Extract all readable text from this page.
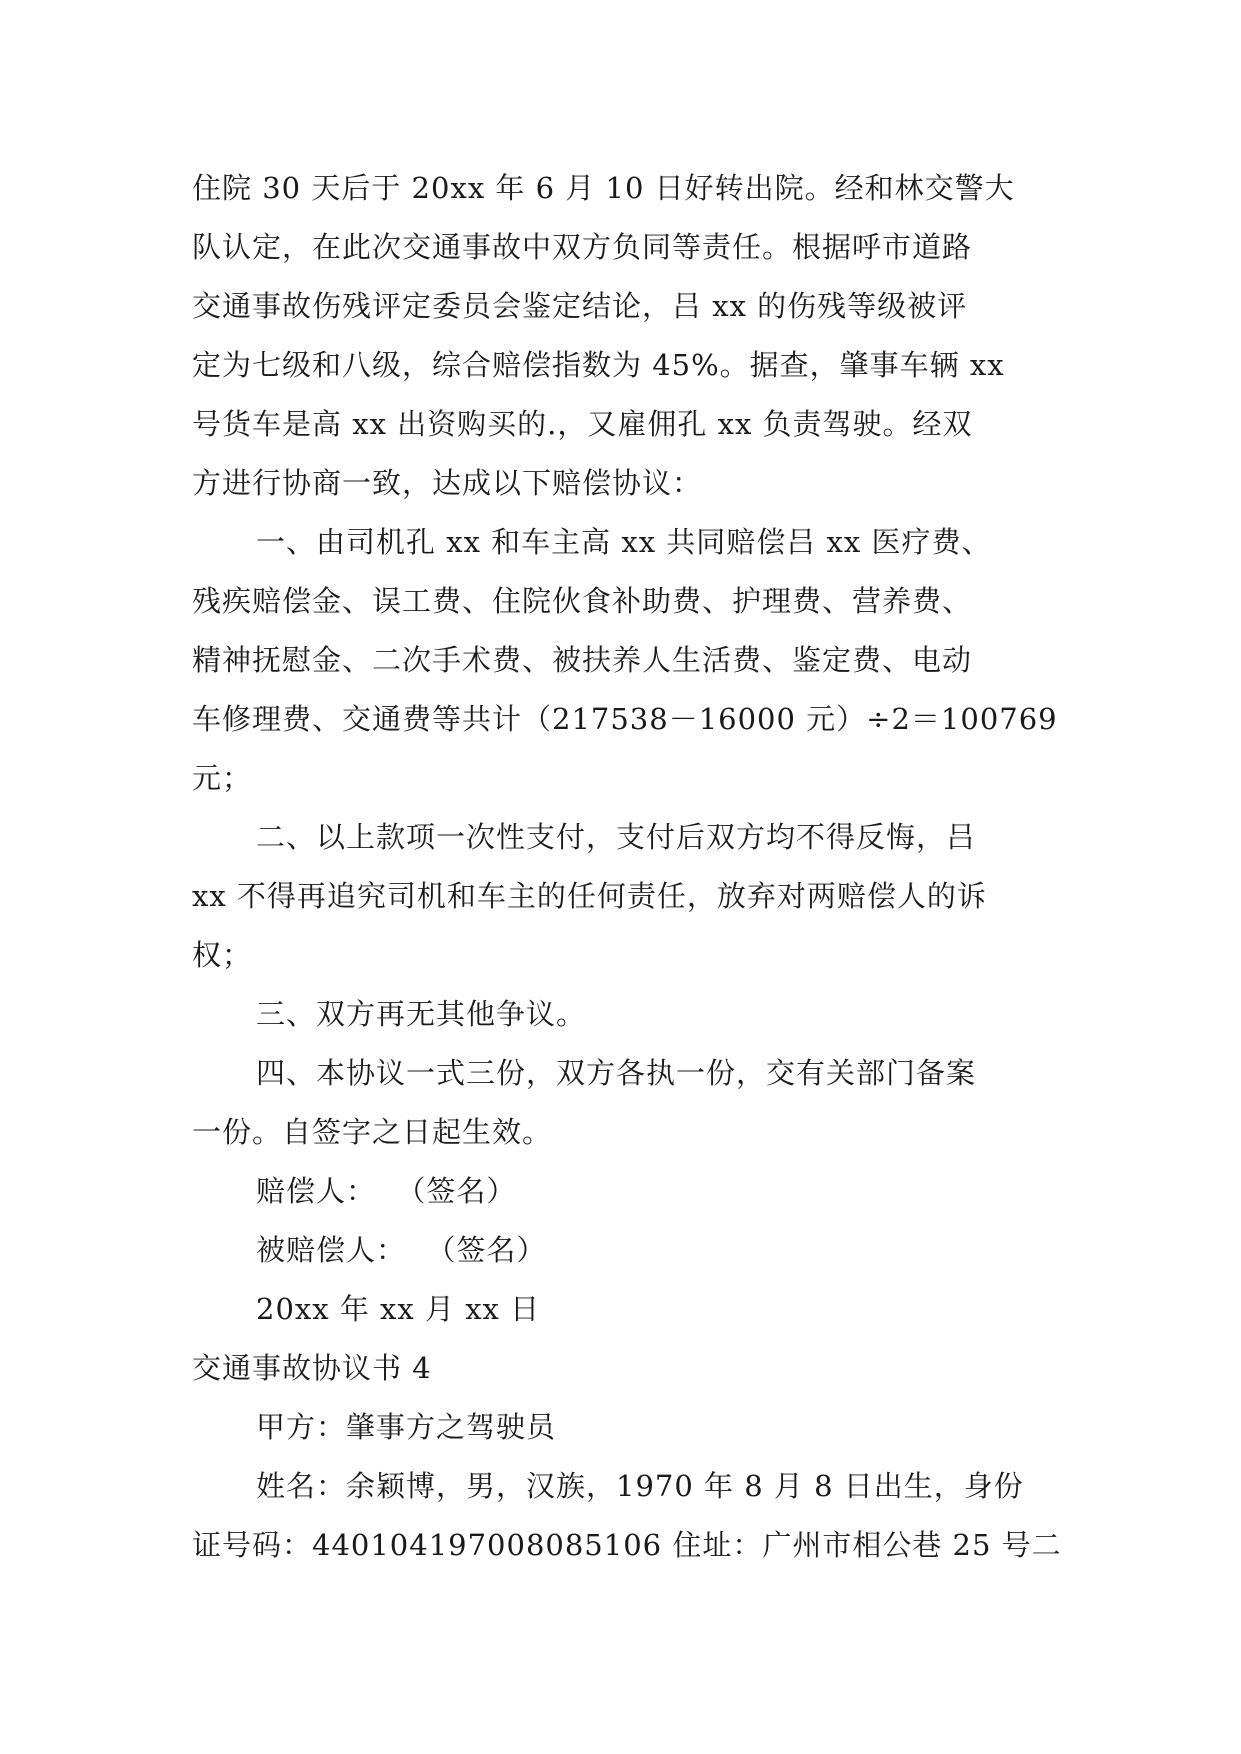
住院 30 天后于 20xx 年 6 月 10 日好转出院。经和林交警大
队认定，在此次交通事故中双方负同等责任。根据呼市道路
交通事故伤残评定委员会鉴定结论，吕 xx 的伤残等级被评
定为七级和八级，综合赔偿指数为 45%。据查，肇事车辆 xx
号货车是高 xx 出资购买的.，又雇佣孔 xx 负责驾驶。经双
方进行协商一致，达成以下赔偿协议：
一、由司机孔 xx 和车主高 xx 共同赔偿吕 xx 医疗费、
残疾赔偿金、误工费、住院伙食补助费、护理费、营养费、
精神抚慰金、二次手术费、被扶养人生活费、鉴定费、电动
车修理费、交通费等共计（217538－16000 元）÷2＝100769
元；
二、以上款项一次性支付，支付后双方均不得反悔，吕
xx 不得再追究司机和车主的任何责任，放弃对两赔偿人的诉
权；
三、双方再无其他争议。
四、本协议一式三份，双方各执一份，交有关部门备案
一份。自签字之日起生效。
赔偿人：  （签名）
被赔偿人：  （签名）
20xx 年 xx 月 xx 日
交通事故协议书 4
甲方：肇事方之驾驶员
姓名：余颖博，男，汉族，1970 年 8 月 8 日出生，身份
证号码：440104197008085106 住址：广州市相公巷 25 号二
